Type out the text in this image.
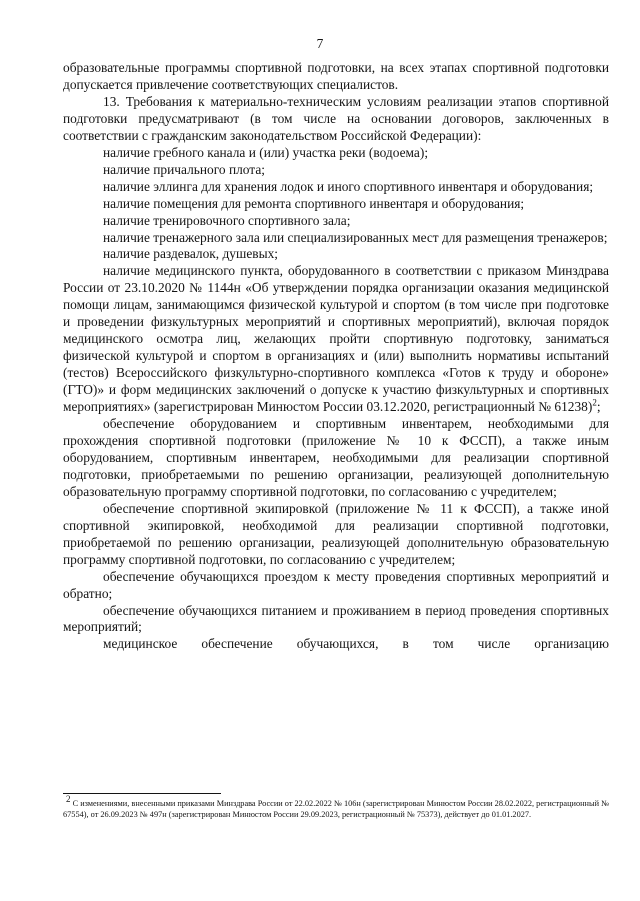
7

образовательные программы спортивной подготовки, на всех этапах спортивной подготовки допускается привлечение соответствующих специалистов.

13. Требования к материально-техническим условиям реализации этапов спортивной подготовки предусматривают (в том числе на основании договоров, заключенных в соответствии с гражданским законодательством Российской Федерации):

наличие гребного канала и (или) участка реки (водоема);

наличие причального плота;

наличие эллинга для хранения лодок и иного спортивного инвентаря и оборудования;

наличие помещения для ремонта спортивного инвентаря и оборудования;

наличие тренировочного спортивного зала;

наличие тренажерного зала или специализированных мест для размещения тренажеров;

наличие раздевалок, душевых;

наличие медицинского пункта, оборудованного в соответствии с приказом Минздрава России от 23.10.2020 № 1144н «Об утверждении порядка организации оказания медицинской помощи лицам, занимающимся физической культурой и спортом (в том числе при подготовке и проведении физкультурных мероприятий и спортивных мероприятий), включая порядок медицинского осмотра лиц, желающих пройти спортивную подготовку, заниматься физической культурой и спортом в организациях и (или) выполнить нормативы испытаний (тестов) Всероссийского физкультурно-спортивного комплекса «Готов к труду и обороне» (ГТО)» и форм медицинских заключений о допуске к участию физкультурных и спортивных мероприятиях» (зарегистрирован Минюстом России 03.12.2020, регистрационный № 61238)$^2$;

обеспечение оборудованием и спортивным инвентарем, необходимыми для прохождения спортивной подготовки (приложение № 10 к ФССП), а также иным оборудованием, спортивным инвентарем, необходимыми для реализации спортивной подготовки, приобретаемыми по решению организации, реализующей дополнительную образовательную программу спортивной подготовки, по согласованию с учредителем;

обеспечение спортивной экипировкой (приложение № 11 к ФССП), а также иной спортивной экипировкой, необходимой для реализации спортивной подготовки, приобретаемой по решению организации, реализующей дополнительную образовательную программу спортивной подготовки, по согласованию с учредителем;

обеспечение обучающихся проездом к месту проведения спортивных мероприятий и обратно;

обеспечение обучающихся питанием и проживанием в период проведения спортивных мероприятий;

медицинское обеспечение обучающихся, в том числе организацию

$^2$ С изменениями, внесенными приказами Минздрава России от 22.02.2022 № 106н (зарегистрирован Минюстом России 28.02.2022, регистрационный № 67554), от 26.09.2023 № 497н (зарегистрирован Минюстом России 29.09.2023, регистрационный № 75373), действует до 01.01.2027.
